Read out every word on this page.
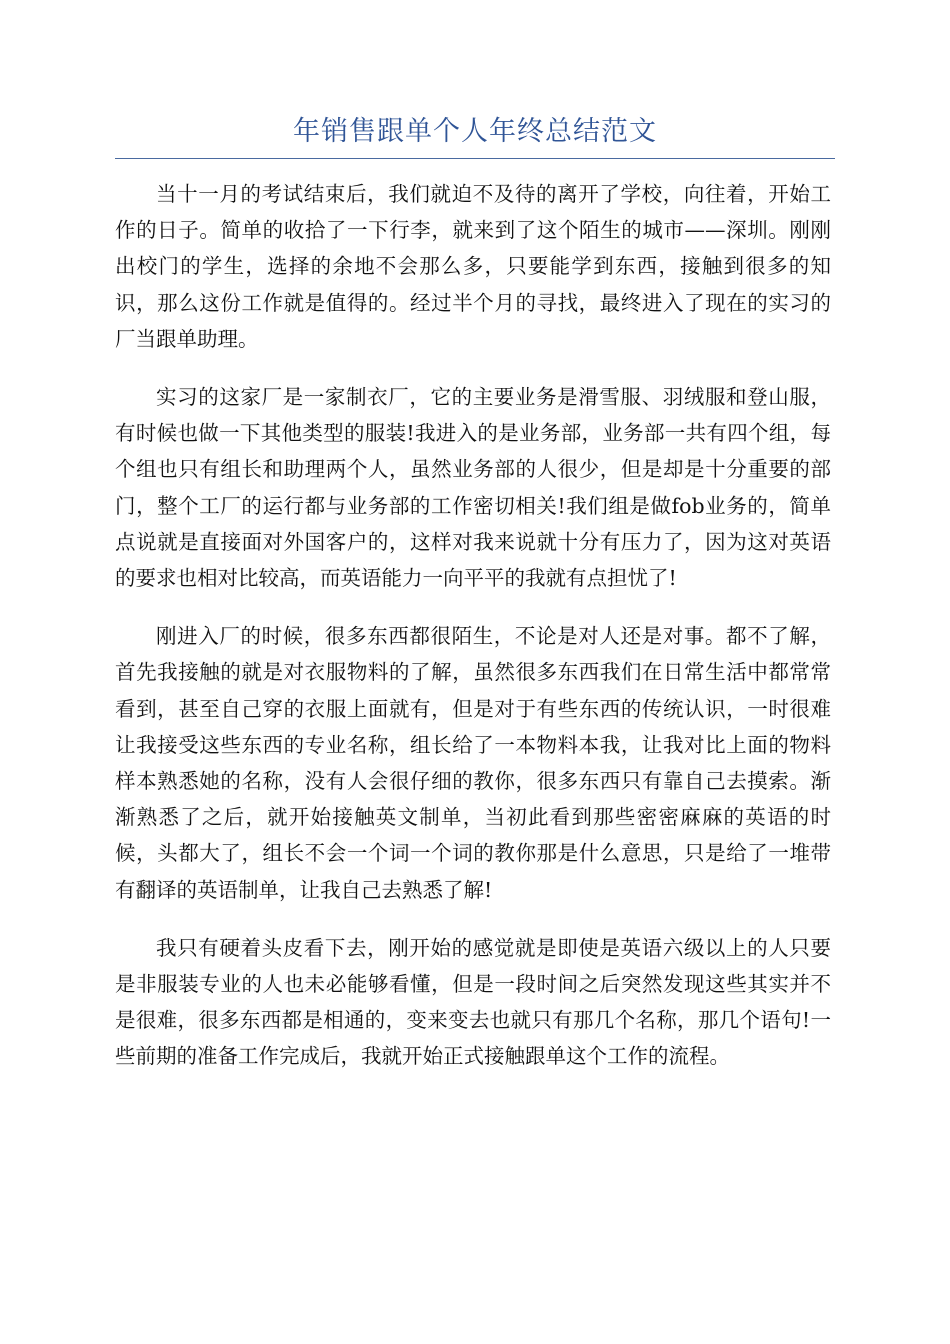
年销售跟单个人年终总结范文

当十一月的考试结束后，我们就迫不及待的离开了学校，向往着，开始工作的日子。简单的收拾了一下行李，就来到了这个陌生的城市——深圳。刚刚出校门的学生，选择的余地不会那么多，只要能学到东西，接触到很多的知识，那么这份工作就是值得的。经过半个月的寻找，最终进入了现在的实习的厂当跟单助理。

实习的这家厂是一家制衣厂，它的主要业务是滑雪服、羽绒服和登山服，有时候也做一下其他类型的服装!我进入的是业务部，业务部一共有四个组，每个组也只有组长和助理两个人，虽然业务部的人很少，但是却是十分重要的部门，整个工厂的运行都与业务部的工作密切相关!我们组是做fob业务的，简单点说就是直接面对外国客户的，这样对我来说就十分有压力了，因为这对英语的要求也相对比较高，而英语能力一向平平的我就有点担忧了!

刚进入厂的时候，很多东西都很陌生，不论是对人还是对事。都不了解，首先我接触的就是对衣服物料的了解，虽然很多东西我们在日常生活中都常常看到，甚至自己穿的衣服上面就有，但是对于有些东西的传统认识，一时很难让我接受这些东西的专业名称，组长给了一本物料本我，让我对比上面的物料样本熟悉她的名称，没有人会很仔细的教你，很多东西只有靠自己去摸索。渐渐熟悉了之后，就开始接触英文制单，当初此看到那些密密麻麻的英语的时候，头都大了，组长不会一个词一个词的教你那是什么意思，只是给了一堆带有翻译的英语制单，让我自己去熟悉了解!

我只有硬着头皮看下去，刚开始的感觉就是即使是英语六级以上的人只要是非服装专业的人也未必能够看懂，但是一段时间之后突然发现这些其实并不是很难，很多东西都是相通的，变来变去也就只有那几个名称，那几个语句!一些前期的准备工作完成后，我就开始正式接触跟单这个工作的流程。
